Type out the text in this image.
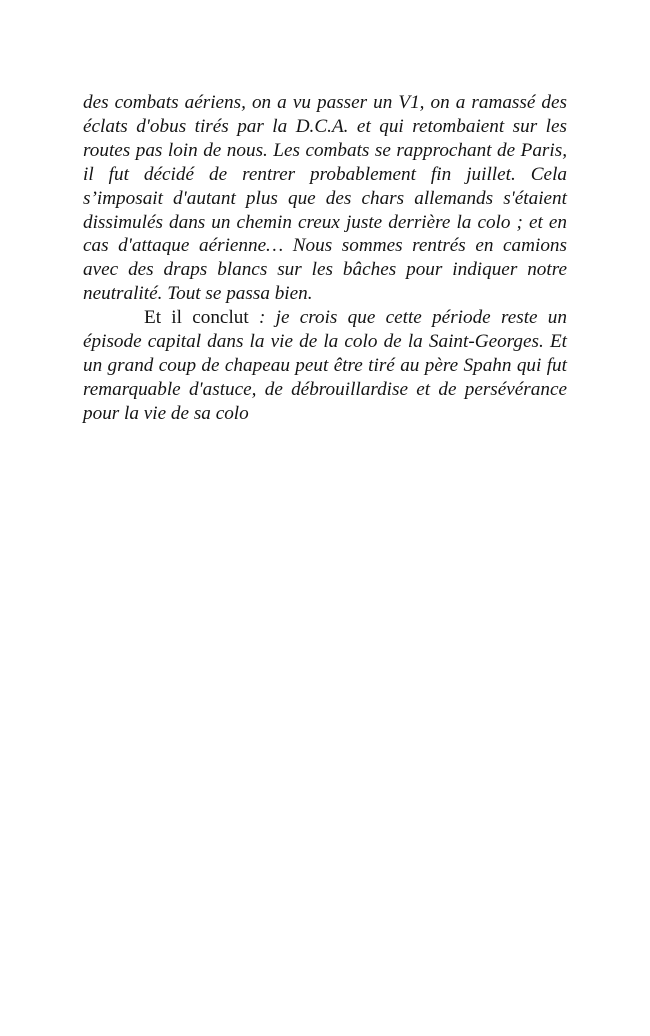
des combats aériens, on a vu passer un V1, on a ramassé des éclats d'obus tirés par la D.C.A. et qui retombaient sur les routes pas loin de nous. Les combats se rapprochant de Paris, il fut décidé de rentrer probablement fin juillet. Cela s’imposait d'autant plus que des chars allemands s'étaient dissimulés dans un chemin creux juste derrière la colo ; et en cas d'attaque aérienne… Nous sommes rentrés en camions avec des draps blancs sur les bâches pour indiquer notre neutralité. Tout se passa bien.

Et il conclut : je crois que cette période reste un épisode capital dans la vie de la colo de la Saint-Georges. Et un grand coup de chapeau peut être tiré au père Spahn qui fut remarquable d'astuce, de débrouillardise et de persévérance pour la vie de sa colo
